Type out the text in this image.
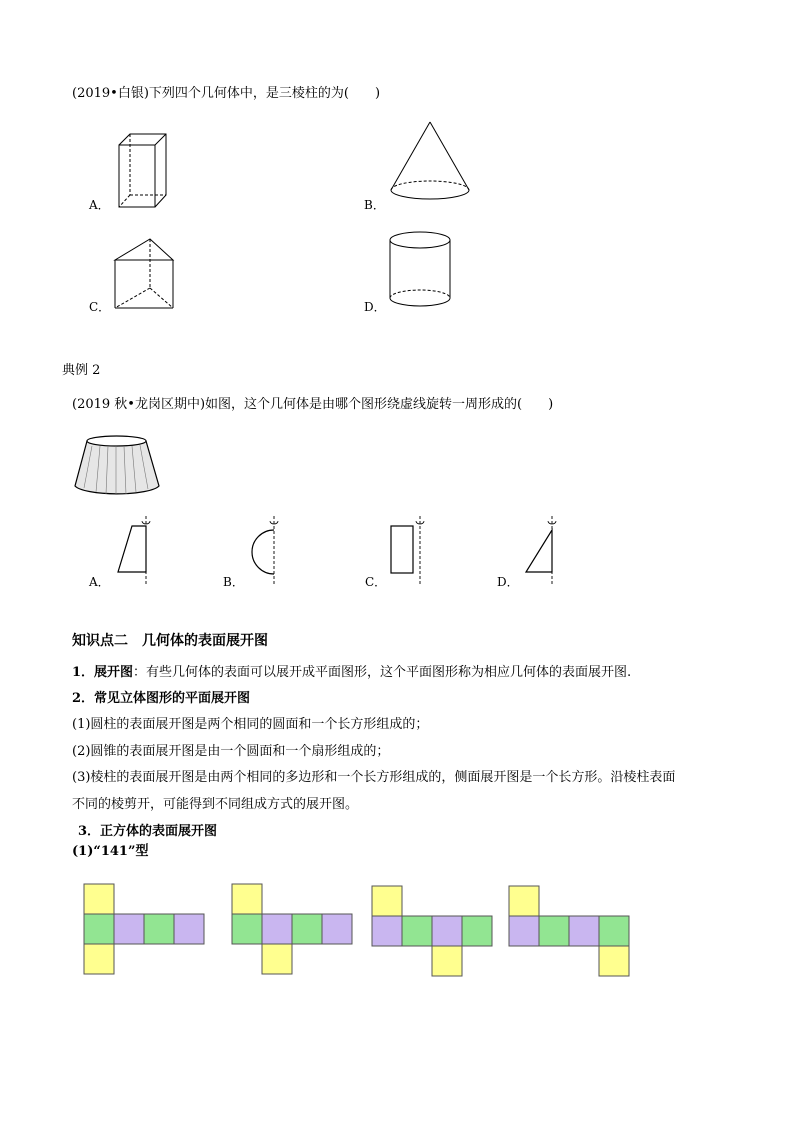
(2019•白银)下列四个几何体中，是三棱柱的为(　　)
A．	B．
C．	D．
典例 2
(2019 秋•龙岗区期中)如图，这个几何体是由哪个图形绕虚线旋转一周形成的(　　)
A．	B．	C．	D．
知识点二　几何体的表面展开图
1．展开图：有些几何体的表面可以展开成平面图形，这个平面图形称为相应几何体的表面展开图.
2．常见立体图形的平面展开图
(1)圆柱的表面展开图是两个相同的圆面和一个长方形组成的；
(2)圆锥的表面展开图是由一个圆面和一个扇形组成的；
(3)棱柱的表面展开图是由两个相同的多边形和一个长方形组成的，侧面展开图是一个长方形。沿棱柱表面
不同的棱剪开，可能得到不同组成方式的展开图。
3．正方体的表面展开图
(1)“141”型
